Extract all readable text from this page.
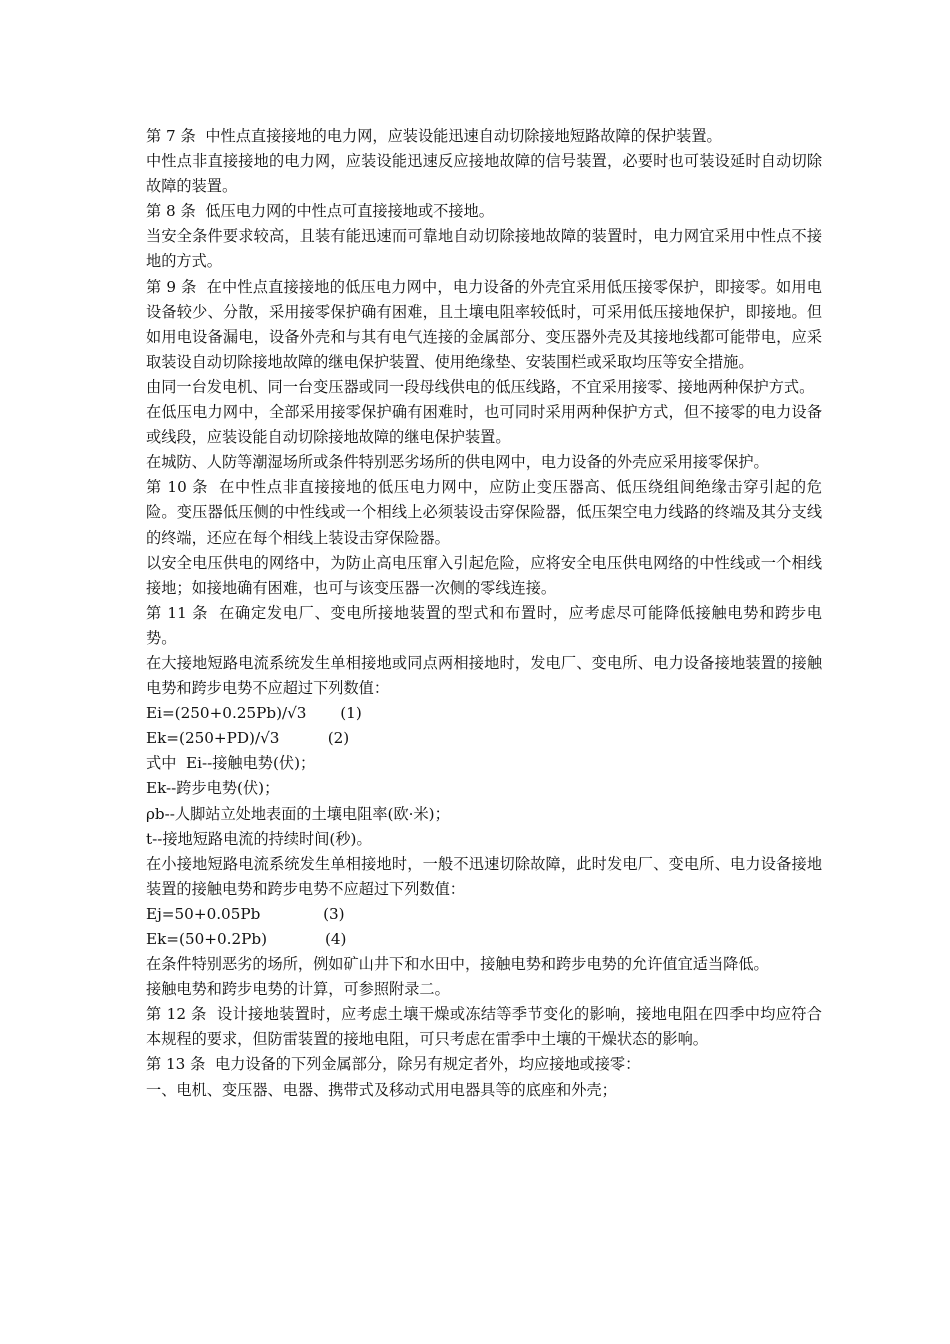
第 7 条  中性点直接接地的电力网，应装设能迅速自动切除接地短路故障的保护装置。

中性点非直接接地的电力网，应装设能迅速反应接地故障的信号装置，必要时也可装设延时自动切除故障的装置。

第 8 条  低压电力网的中性点可直接接地或不接地。

当安全条件要求较高，且装有能迅速而可靠地自动切除接地故障的装置时，电力网宜采用中性点不接地的方式。

第 9 条  在中性点直接接地的低压电力网中，电力设备的外壳宜采用低压接零保护，即接零。如用电设备较少、分散，采用接零保护确有困难，且土壤电阻率较低时，可采用低压接地保护，即接地。但如用电设备漏电，设备外壳和与其有电气连接的金属部分、变压器外壳及其接地线都可能带电，应采取装设自动切除接地故障的继电保护装置、使用绝缘垫、安装围栏或采取均压等安全措施。

由同一台发电机、同一台变压器或同一段母线供电的低压线路，不宜采用接零、接地两种保护方式。

在低压电力网中，全部采用接零保护确有困难时，也可同时采用两种保护方式，但不接零的电力设备或线段，应装设能自动切除接地故障的继电保护装置。

在城防、人防等潮湿场所或条件特别恶劣场所的供电网中，电力设备的外壳应采用接零保护。

第 10 条  在中性点非直接接地的低压电力网中，应防止变压器高、低压绕组间绝缘击穿引起的危险。变压器低压侧的中性线或一个相线上必须装设击穿保险器，低压架空电力线路的终端及其分支线的终端，还应在每个相线上装设击穿保险器。

以安全电压供电的网络中，为防止高电压窜入引起危险，应将安全电压供电网络的中性线或一个相线接地；如接地确有困难，也可与该变压器一次侧的零线连接。

第 11 条  在确定发电厂、变电所接地装置的型式和布置时，应考虑尽可能降低接触电势和跨步电势。

在大接地短路电流系统发生单相接地或同点两相接地时，发电厂、变电所、电力设备接地装置的接触电势和跨步电势不应超过下列数值：

Ei=(250+0.25Pb)/√3       (1)

Ek=(250+PD)/√3          (2)

式中  Ei--接触电势(伏)；

Ek--跨步电势(伏)；

ρb--人脚站立处地表面的土壤电阻率(欧·米)；

t--接地短路电流的持续时间(秒)。

在小接地短路电流系统发生单相接地时，一般不迅速切除故障，此时发电厂、变电所、电力设备接地装置的接触电势和跨步电势不应超过下列数值：

Ej=50+0.05Pb             (3)

Ek=(50+0.2Pb)            (4)

在条件特别恶劣的场所，例如矿山井下和水田中，接触电势和跨步电势的允许值宜适当降低。

接触电势和跨步电势的计算，可参照附录二。

第 12 条  设计接地装置时，应考虑土壤干燥或冻结等季节变化的影响，接地电阻在四季中均应符合本规程的要求，但防雷装置的接地电阻，可只考虑在雷季中土壤的干燥状态的影响。

第 13 条  电力设备的下列金属部分，除另有规定者外，均应接地或接零：

一、电机、变压器、电器、携带式及移动式用电器具等的底座和外壳；
